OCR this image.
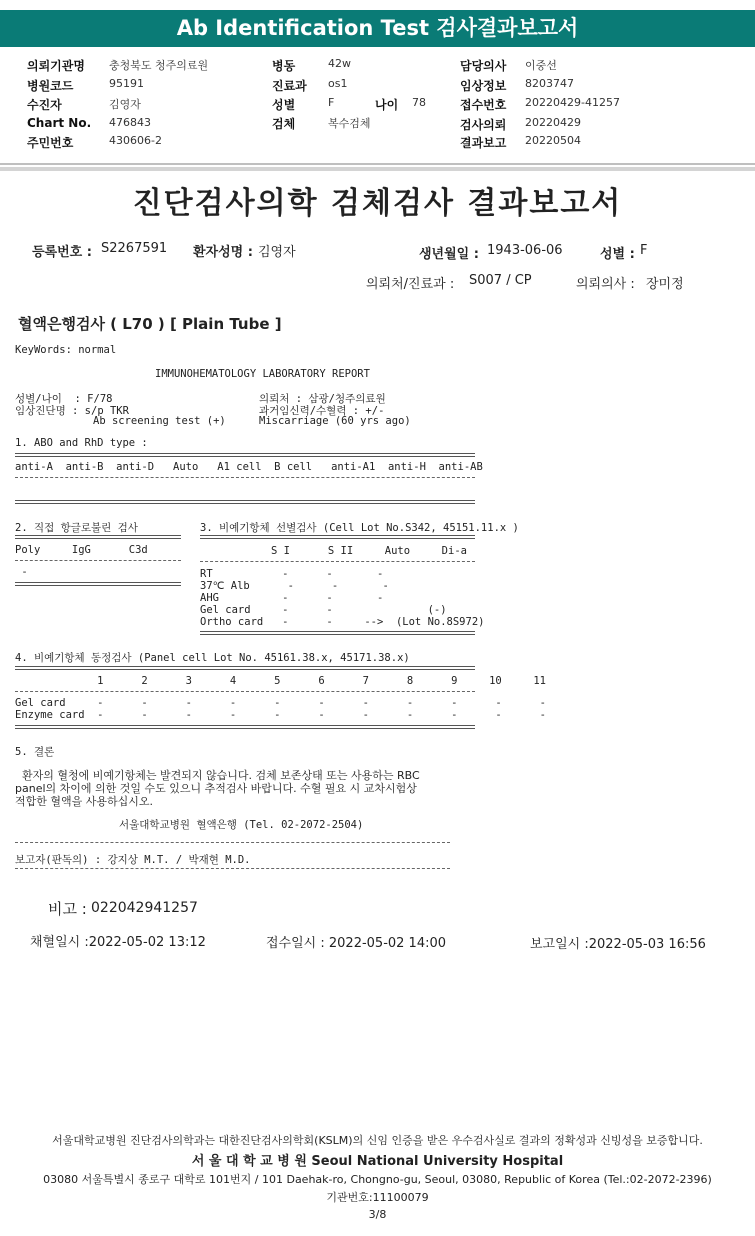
Ab Identification Test 검사결과보고서
의뢰기관명 충청북도 청주의료원
병원코드	95191
수진자	김영자
Chart No. 476843
주민번호	430606-2
병동	42w
진료과 os1
성별	F	나이 78
검체	복수검체
담당의사 이중선
임상정보 8203747
접수번호 20220429-41257
검사의뢰 20220429
결과보고 20220504
진단검사의학 검체검사 결과보고서
등록번호 : S2267591 환자성명 : 김영자	생년월일 : 1943-06-06	성별 : F
의뢰처/진료과 : S007 / CP	의뢰의사 : 장미정
혈액은행검사 ( L70 ) [ Plain Tube ]
KeyWords: normal
IMMUNOHEMATOLOGY LABORATORY REPORT
성별/나이  : F/78
임상진단명 : s/p TKR
Ab screening test (+)
의뢰처 : 삼광/청주의료원
과거임신력/수혈력 : +/-
Miscarriage (60 yrs ago)
1. ABO and RhD type :
anti-A  anti-B  anti-D   Auto   A1 cell  B cell   anti-A1  anti-H  anti-AB
2. 직접 항글로불린 검사
Poly     IgG      C3d
-
3. 비예기항체 선별검사 (Cell Lot No.S342, 45151.11.x )
S I      S II     Auto     Di-a
RT           -      -       -
37℃ Alb      -      -       -
AHG          -      -       -
Gel card     -      -               (-)
Ortho card   -      -     -->  (Lot No.8S972)
4. 비예기항체 동정검사 (Panel cell Lot No. 45161.38.x, 45171.38.x)
1      2      3      4      5      6      7      8      9     10     11
Gel card     -      -      -      -      -      -      -      -      -      -      -
Enzyme card  -      -      -      -      -      -      -      -      -      -      -
5. 결론
환자의 혈청에 비예기항체는 발견되지 않습니다. 검체 보존상태 또는 사용하는 RBC
panel의 차이에 의한 것일 수도 있으니 추적검사 바랍니다. 수혈 필요 시 교차시험상
적합한 혈액을 사용하십시오.
서울대학교병원 혈액은행 (Tel. 02-2072-2504)
보고자(판독의) : 강지상 M.T. / 박재현 M.D.
비고 : 022042941257
채혈일시 :2022-05-02 13:12	접수일시 : 2022-05-02 14:00	보고일시 :2022-05-03 16:56
서울대학교병원 진단검사의학과는 대한진단검사의학회(KSLM)의 신임 인증을 받은 우수검사실로 결과의 정확성과 신빙성을 보증합니다.
서 울 대 학 교 병 원 Seoul National University Hospital
03080 서울특별시 종로구 대학로 101번지 / 101 Daehak-ro, Chongno-gu, Seoul, 03080, Republic of Korea (Tel.:02-2072-2396)
기관번호:11100079
3/8
